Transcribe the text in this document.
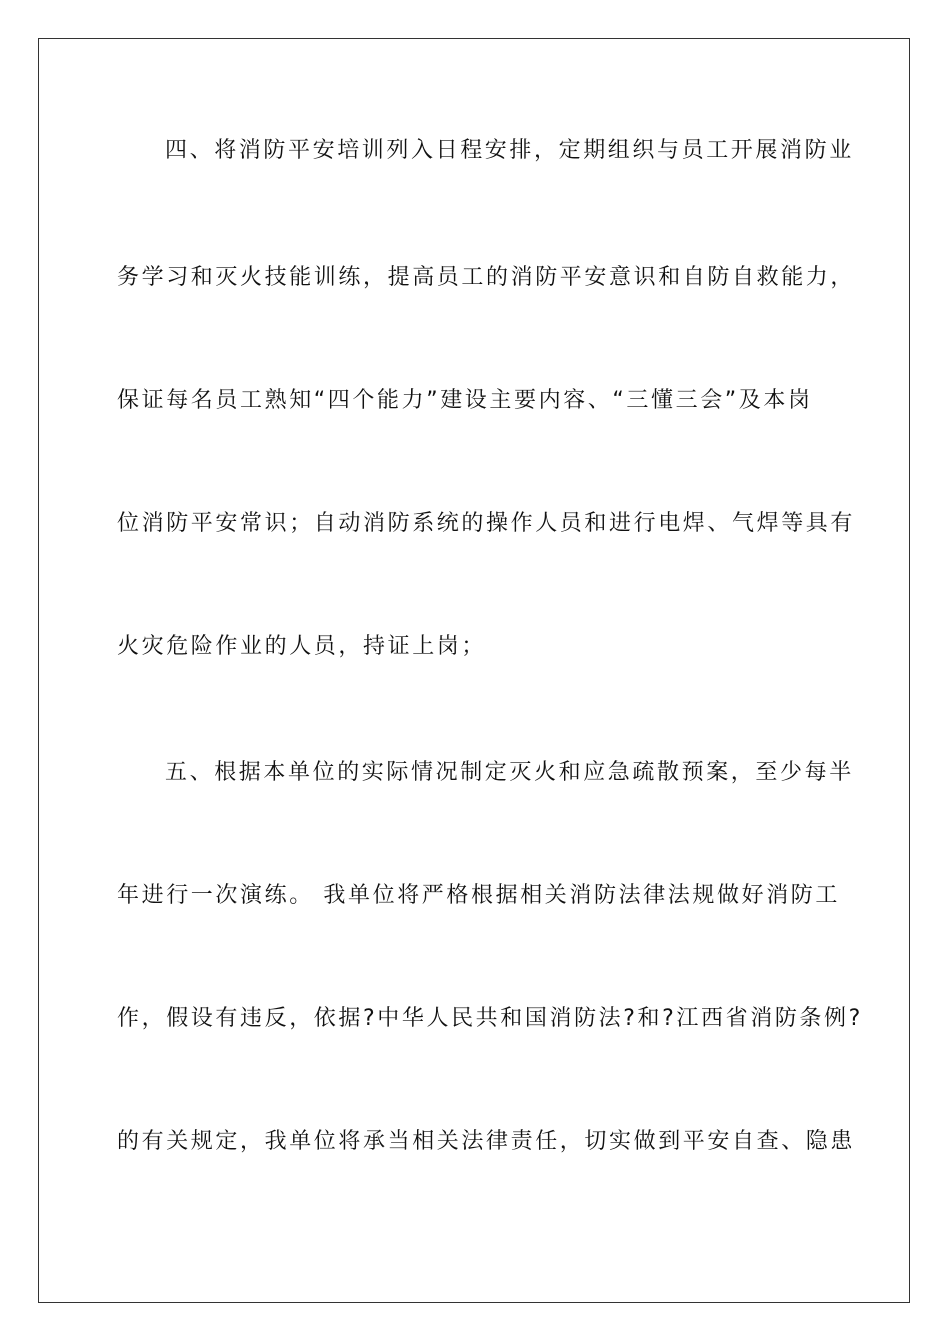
四、将消防平安培训列入日程安排，定期组织与员工开展消防业
务学习和灭火技能训练，提高员工的消防平安意识和自防自救能力，
保证每名员工熟知“四个能力”建设主要内容、“三懂三会”及本岗
位消防平安常识；自动消防系统的操作人员和进行电焊、气焊等具有
火灾危险作业的人员，持证上岗；
五、根据本单位的实际情况制定灭火和应急疏散预案，至少每半
年进行一次演练。 我单位将严格根据相关消防法律法规做好消防工
作，假设有违反，依据?中华人民共和国消防法?和?江西省消防条例?
的有关规定，我单位将承当相关法律责任，切实做到平安自查、隐患
